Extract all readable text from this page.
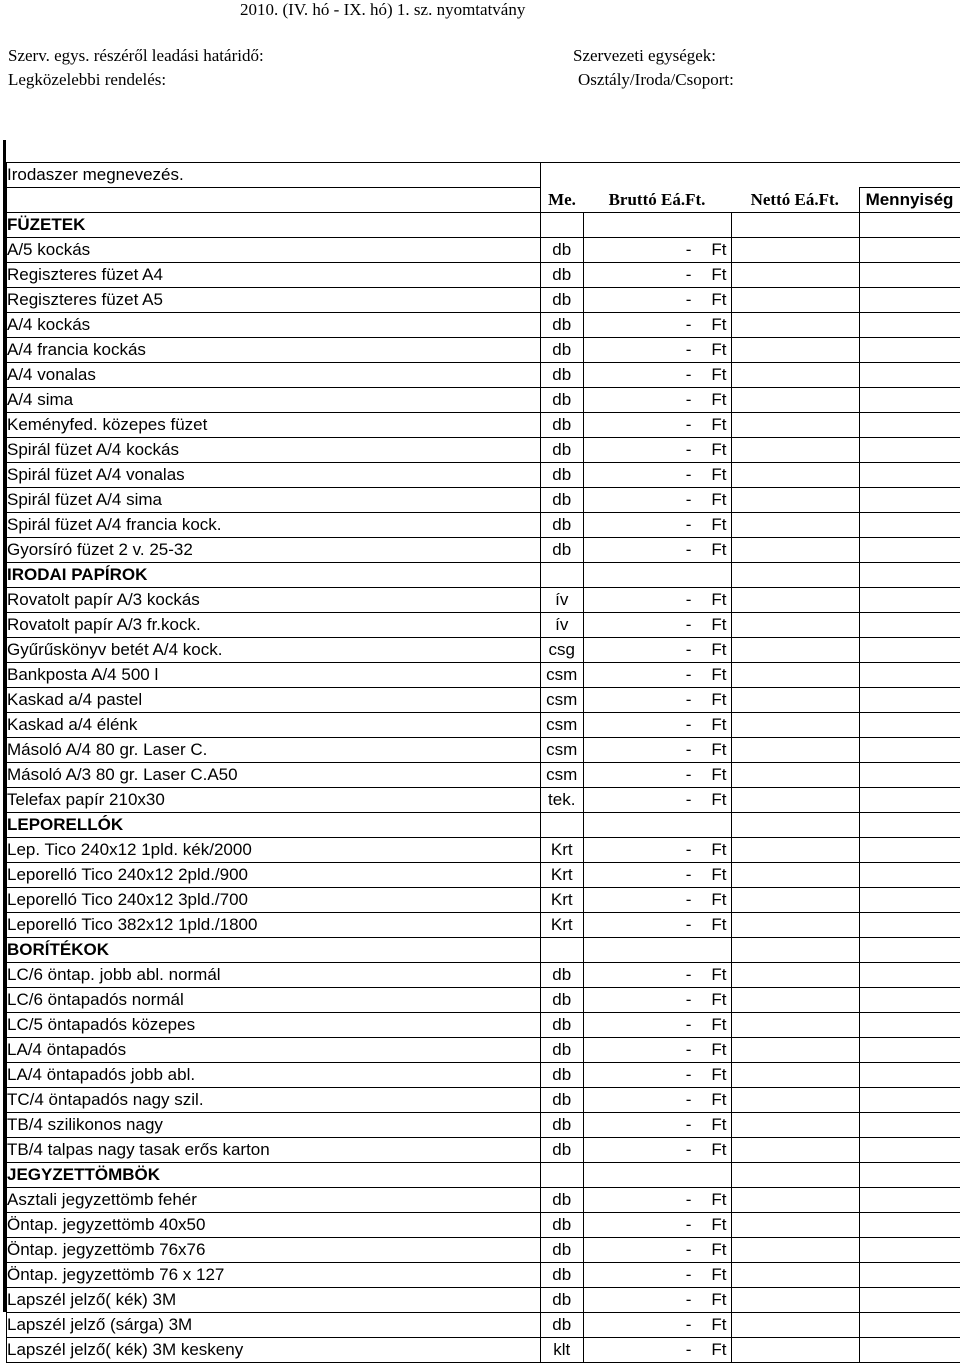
2010. (IV. hó - IX. hó) 1. sz. nyomtatvány
Szerv. egys. részéről leadási határidő:
Legközelebbi rendelés:
Szervezeti egységek:
Osztály/Iroda/Csoport:
Irodaszer megnevezés.				
	Me.	Bruttó Eá.Ft.	Nettó Eá.Ft.	Mennyiség
FÜZETEK				
A/5 kockás	db	- Ft		

Regiszteres füzet A4	db	- Ft		

Regiszteres füzet A5	db	- Ft		

A/4 kockás	db	- Ft		

A/4 francia kockás	db	- Ft		

A/4 vonalas	db	- Ft		

A/4 sima	db	- Ft		

Keményfed. közepes füzet	db	- Ft		

Spirál füzet A/4 kockás	db	- Ft		

Spirál füzet A/4 vonalas	db	- Ft		

Spirál füzet A/4 sima	db	- Ft		

Spirál füzet A/4 francia kock.	db	- Ft		

Gyorsíró füzet 2 v. 25-32	db	- Ft		

IRODAI PAPÍROK				
Rovatolt papír A/3 kockás	ív	- Ft		

Rovatolt papír A/3 fr.kock.	ív	- Ft		

Gyűrűskönyv betét A/4 kock.	csg	- Ft		

Bankposta A/4 500 l	csm	- Ft		

Kaskad a/4 pastel	csm	- Ft		

Kaskad a/4 élénk	csm	- Ft		

Másoló A/4 80 gr. Laser C.	csm	- Ft		

Másoló A/3 80 gr. Laser C.A50	csm	- Ft		

Telefax papír 210x30	tek.	- Ft		

LEPORELLÓK				
Lep. Tico 240x12 1pld. kék/2000	Krt	- Ft		

Leporelló Tico 240x12 2pld./900	Krt	- Ft		

Leporelló Tico 240x12 3pld./700	Krt	- Ft		

Leporelló Tico 382x12 1pld./1800	Krt	- Ft		

BORÍTÉKOK				
LC/6 öntap. jobb abl. normál	db	- Ft		

LC/6 öntapadós normál	db	- Ft		

LC/5 öntapadós közepes	db	- Ft		

LA/4 öntapadós	db	- Ft		

LA/4 öntapadós jobb abl.	db	- Ft		

TC/4 öntapadós nagy szil.	db	- Ft		

TB/4 szilikonos nagy	db	- Ft		

TB/4 talpas nagy tasak erős karton	db	- Ft		

JEGYZETTÖMBÖK				
Asztali jegyzettömb fehér	db	- Ft		

Öntap. jegyzettömb 40x50	db	- Ft		

Öntap. jegyzettömb 76x76	db	- Ft		

Öntap. jegyzettömb 76 x 127	db	- Ft		

Lapszél jelző( kék) 3M	db	- Ft		

Lapszél jelző (sárga) 3M	db	- Ft		

Lapszél jelző( kék) 3M keskeny	klt	- Ft		
